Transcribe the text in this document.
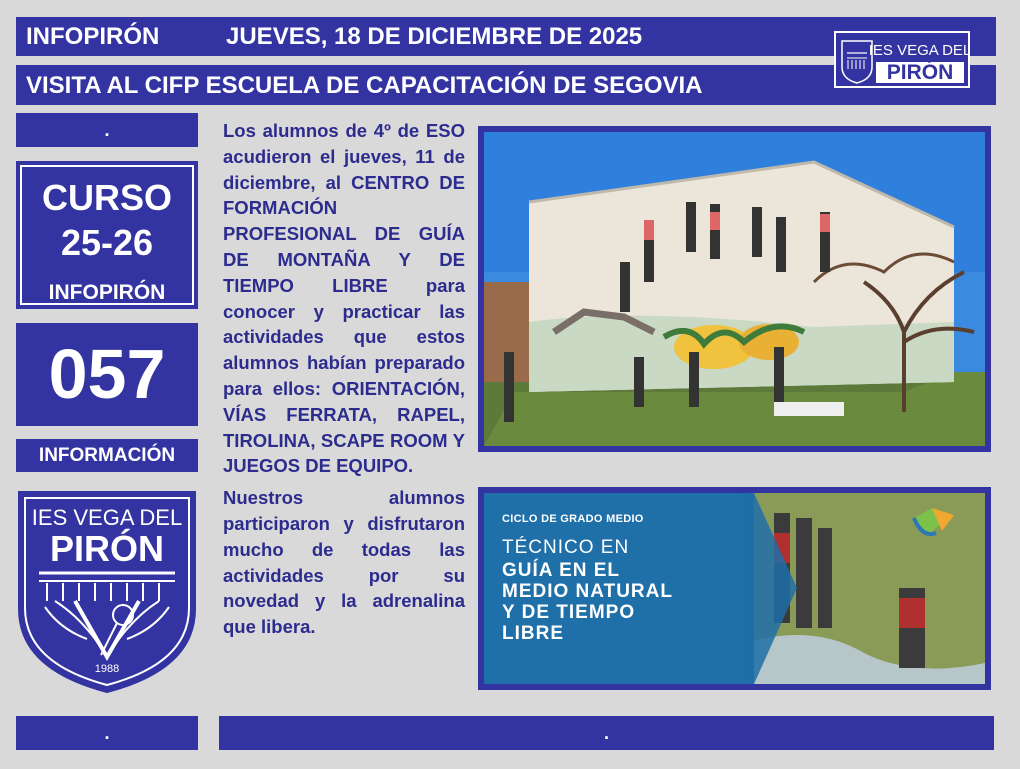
INFOPIRÓN	JUEVES, 18 DE DICIEMBRE DE 2025
VISITA AL CIFP ESCUELA DE CAPACITACIÓN DE SEGOVIA
IES VEGA DEL
PIRÓN
.
CURSO
25-26
INFOPIRÓN
057
INFORMACIÓN
IES VEGA DEL
PIRÓN
1988

Los alumnos de 4º de ESO acudieron el jueves, 11 de diciembre, al CENTRO DE FORMACIÓN PROFESIONAL DE GUÍA DE MONTAÑA Y DE TIEMPO LIBRE para conocer y practicar las actividades que estos alumnos habían preparado para ellos: ORIENTACIÓN, VÍAS FERRATA, RAPEL, TIROLINA, SCAPE ROOM Y JUEGOS DE EQUIPO.

Nuestros alumnos participaron y disfrutaron mucho de todas las actividades por su novedad y la adrenalina que libera.

CICLO DE GRADO MEDIO
TÉCNICO EN
GUÍA EN EL
MEDIO NATURAL
Y DE TIEMPO
LIBRE
.	.
